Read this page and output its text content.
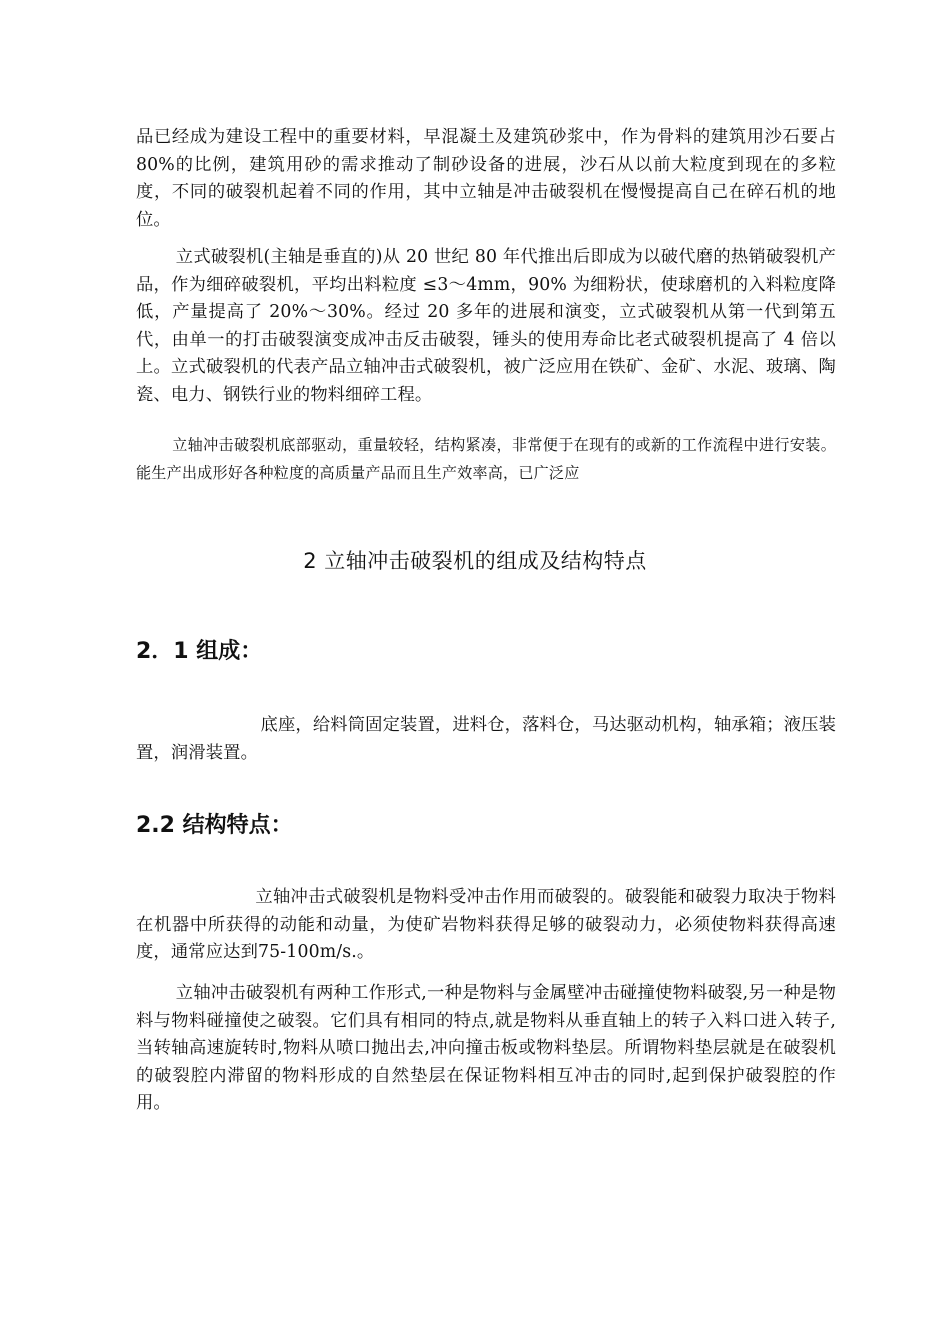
品已经成为建设工程中的重要材料，早混凝土及建筑砂浆中，作为骨料的建筑用沙石要占80%的比例，建筑用砂的需求推动了制砂设备的进展，沙石从以前大粒度到现在的多粒度，不同的破裂机起着不同的作用，其中立轴是冲击破裂机在慢慢提高自己在碎石机的地位。

立式破裂机(主轴是垂直的)从 20 世纪 80 年代推出后即成为以破代磨的热销破裂机产品，作为细碎破裂机，平均出料粒度 ≤3～4mm，90% 为细粉状，使球磨机的入料粒度降低，产量提高了 20%～30%。经过 20 多年的进展和演变，立式破裂机从第一代到第五代，由单一的打击破裂演变成冲击反击破裂，锤头的使用寿命比老式破裂机提高了 4 倍以上。立式破裂机的代表产品立轴冲击式破裂机，被广泛应用在铁矿、金矿、水泥、玻璃、陶瓷、电力、钢铁行业的物料细碎工程。

立轴冲击破裂机底部驱动，重量较轻，结构紧凑，非常便于在现有的或新的工作流程中进行安装。能生产出成形好各种粒度的高质量产品而且生产效率高，已广泛应

2 立轴冲击破裂机的组成及结构特点
2．1 组成：

底座，给料筒固定装置，进料仓，落料仓，马达驱动机构，轴承箱；液压装置，润滑装置。

2.2 结构特点：

立轴冲击式破裂机是物料受冲击作用而破裂的。破裂能和破裂力取决于物料在机器中所获得的动能和动量，为使矿岩物料获得足够的破裂动力，必须使物料获得高速度，通常应达到75-100m/s.。

立轴冲击破裂机有两种工作形式,一种是物料与金属壁冲击碰撞使物料破裂,另一种是物料与物料碰撞使之破裂。它们具有相同的特点,就是物料从垂直轴上的转子入料口进入转子,当转轴高速旋转时,物料从喷口抛出去,冲向撞击板或物料垫层。所谓物料垫层就是在破裂机的破裂腔内滞留的物料形成的自然垫层在保证物料相互冲击的同时,起到保护破裂腔的作用。
